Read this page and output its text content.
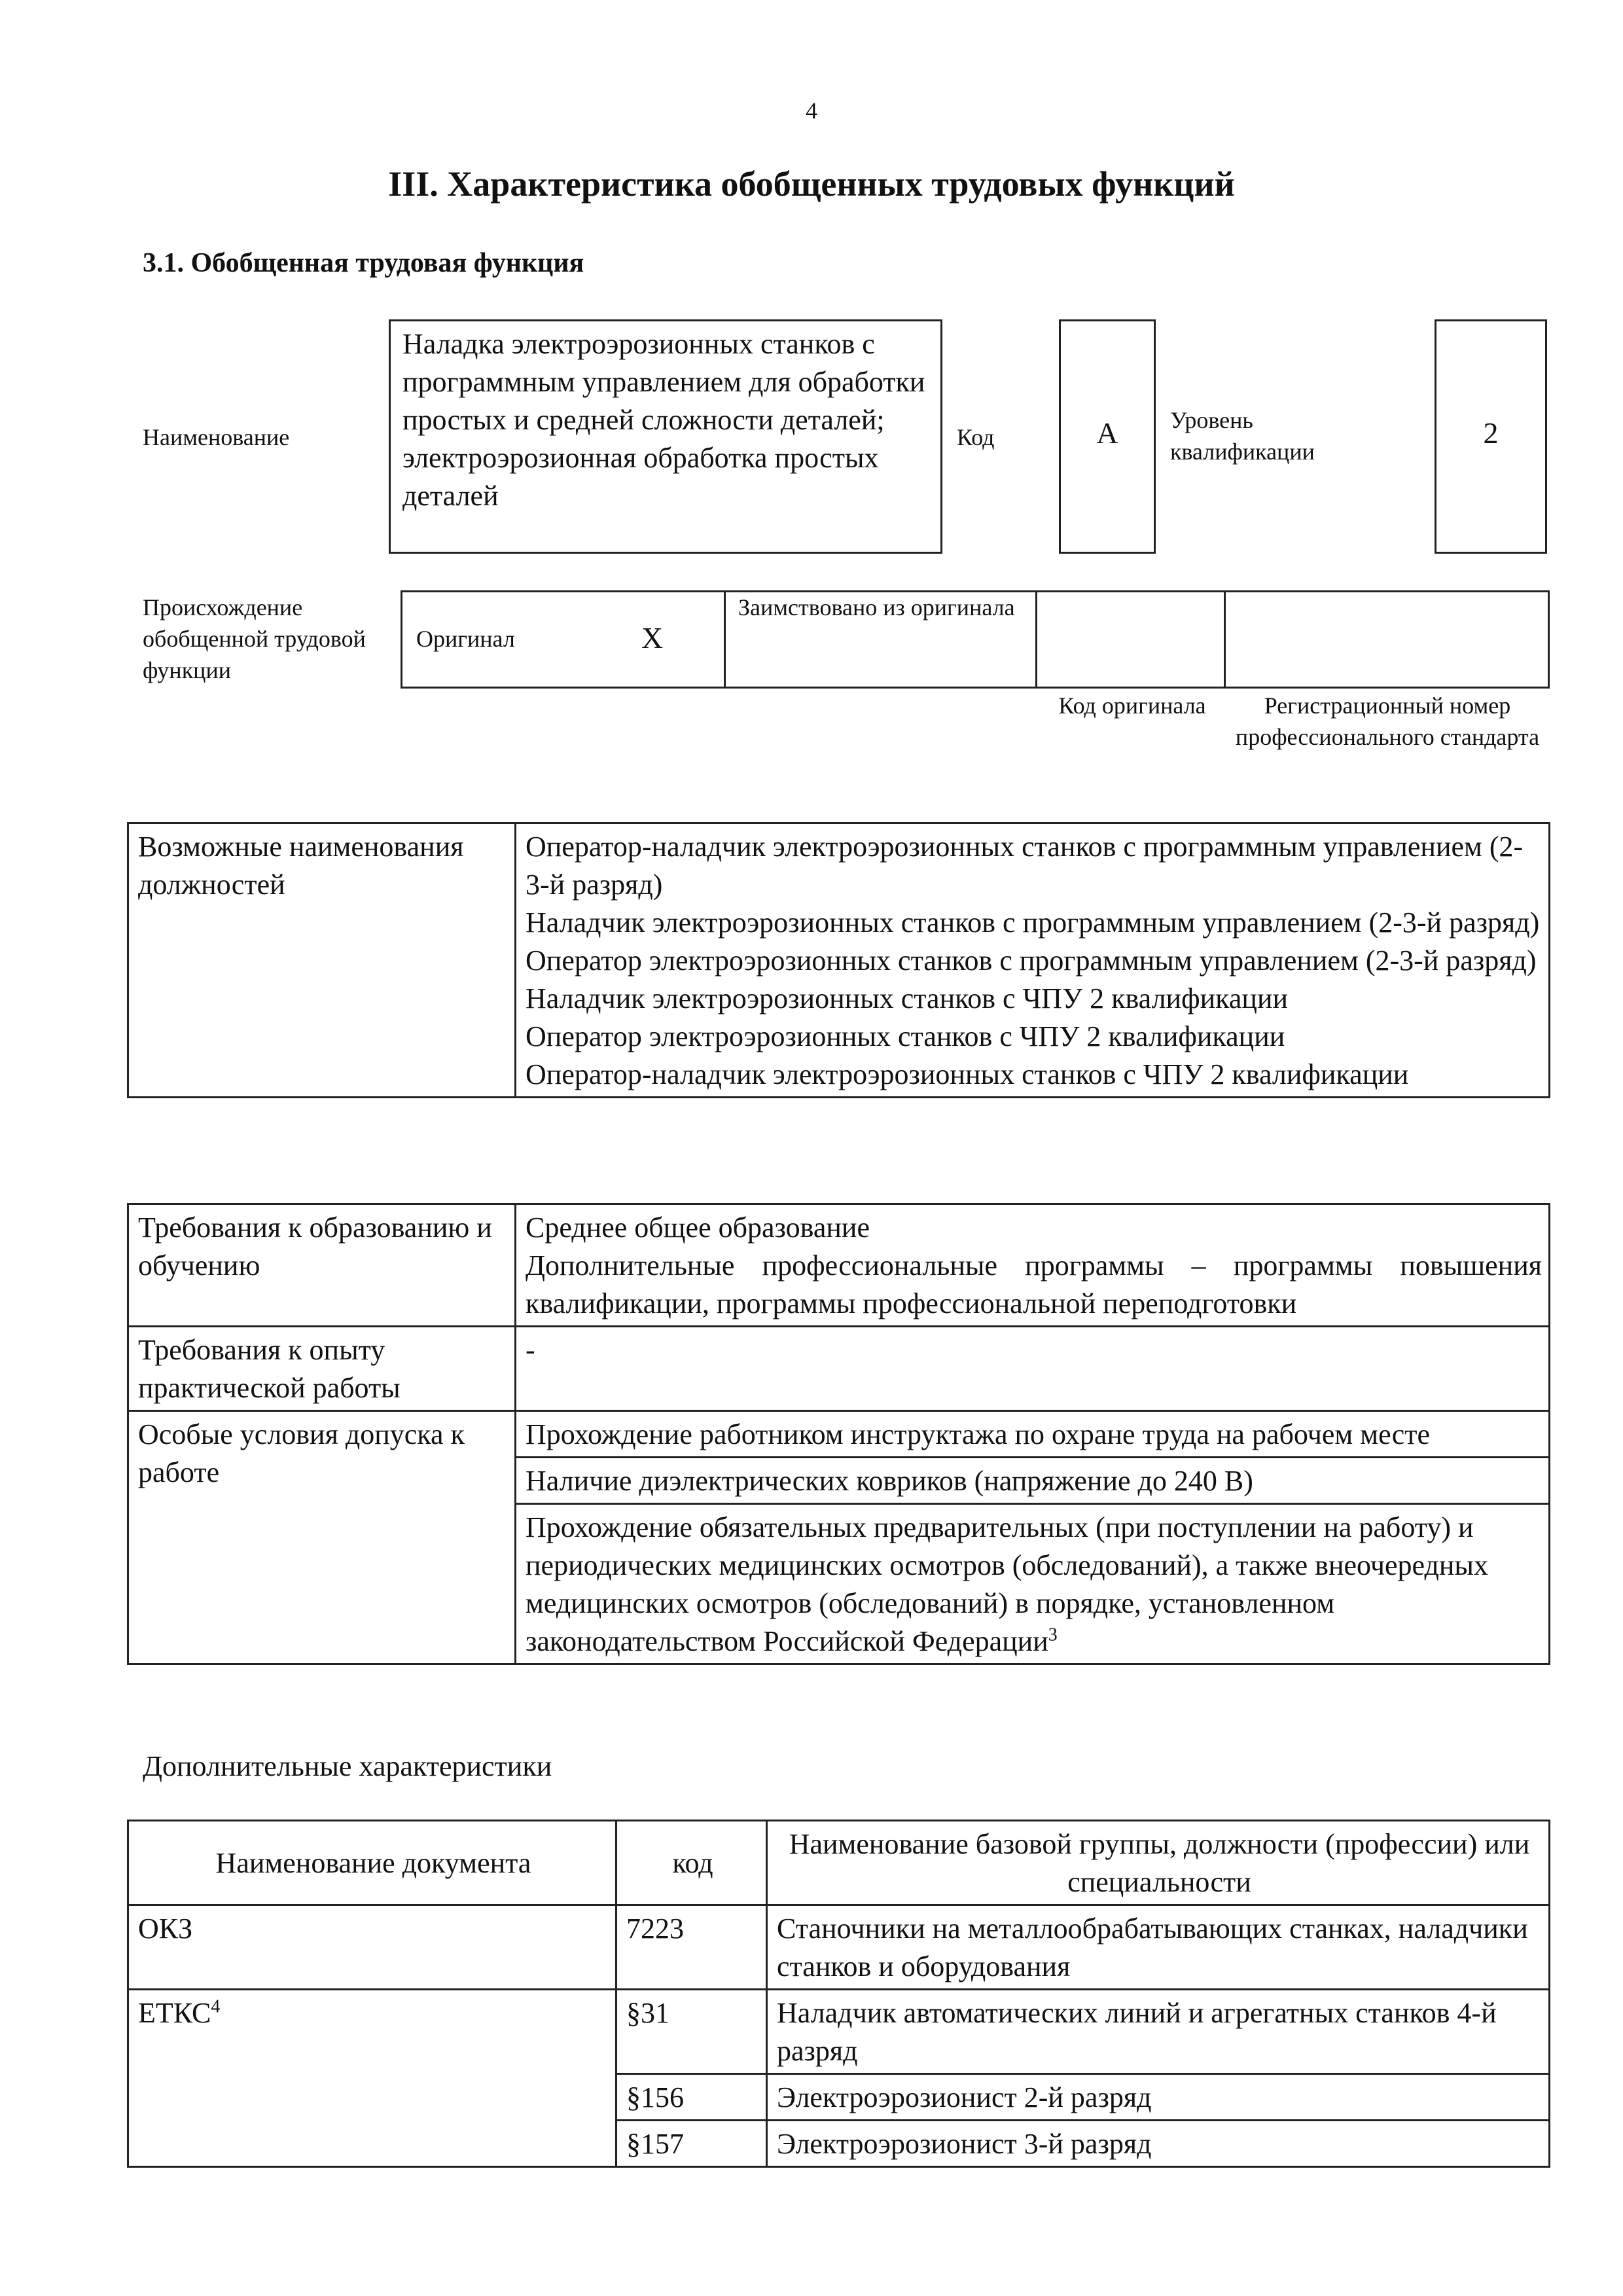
4
III. Характеристика обобщенных трудовых функций
3.1. Обобщенная трудовая функция
Наименование
Наладка электроэрозионных станков с программным управлением для обработки простых и средней сложности деталей; электроэрозионная обработка простых деталей
Код	А	Уровень квалификации
2
Происхождение обобщенной трудовой функции
Оригинал	X
Заимствовано из оригинала
Код оригинала	Регистрационный номер профессионального стандарта
Возможные наименования должностей	
Оператор-наладчик электроэрозионных станков с программным управлением (2-3-й разряд)
Наладчик электроэрозионных станков с программным управлением (2-3-й разряд)
Оператор электроэрозионных станков с программным управлением (2-3-й разряд)
Наладчик электроэрозионных станков с ЧПУ 2 квалификации
Оператор электроэрозионных станков с ЧПУ 2 квалификации
Оператор-наладчик электроэрозионных станков с ЧПУ 2 квалификации
Требования к образованию и обучению	Среднее общее образование
Дополнительные профессиональные программы – программы повышения квалификации, программы профессиональной переподготовки

Требования к опыту практической работы	-
Особые условия допуска к работе	Прохождение работником инструктажа по охране труда на рабочем месте
	Наличие диэлектрических ковриков (напряжение до 240 В)
	Прохождение обязательных предварительных (при поступлении на работу) и периодических медицинских осмотров (обследований), а также внеочередных медицинских осмотров (обследований) в порядке, установленном законодательством Российской Федерации$^3$
Дополнительные характеристики
Наименование документа	код	Наименование базовой группы, должности (профессии) или специальности
ОКЗ	7223	Станочники на металлообрабатывающих станках, наладчики станков и оборудования
ЕТКС$^4$	§31	Наладчик автоматических линий и агрегатных станков 4-й разряд
	§156	Электроэрозионист 2-й разряд
	§157	Электроэрозионист 3-й разряд
